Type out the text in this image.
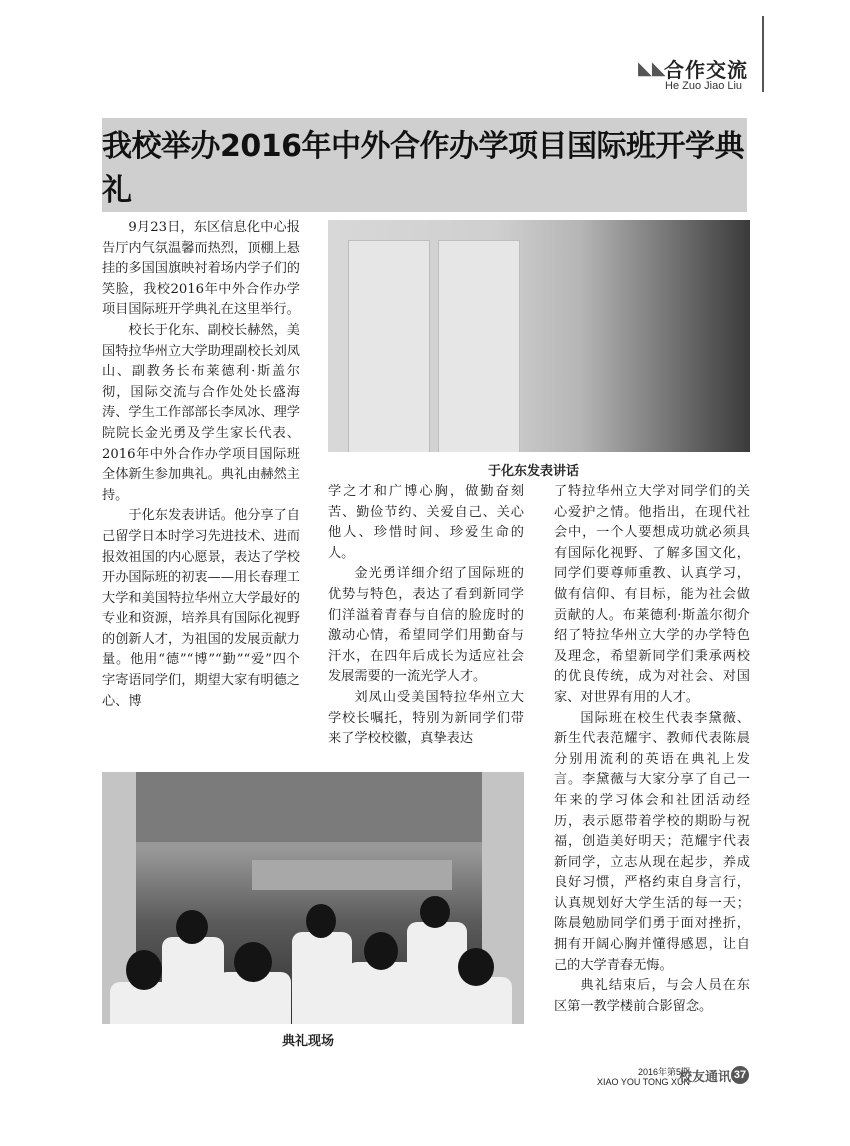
◣◣
合作交流
He Zuo Jiao Liu
我校举办2016年中外合作办学项目国际班开学典礼

9月23日，东区信息化中心报告厅内气氛温馨而热烈，顶棚上悬挂的多国国旗映衬着场内学子们的笑脸，我校2016年中外合作办学项目国际班开学典礼在这里举行。

校长于化东、副校长赫然，美国特拉华州立大学助理副校长刘凤山、副教务长布莱德利·斯盖尔彻，国际交流与合作处处长盛海涛、学生工作部部长李凤冰、理学院院长金光勇及学生家长代表、2016年中外合作办学项目国际班全体新生参加典礼。典礼由赫然主持。

于化东发表讲话。他分享了自己留学日本时学习先进技术、进而报效祖国的内心愿景，表达了学校开办国际班的初衷——用长春理工大学和美国特拉华州立大学最好的专业和资源，培养具有国际化视野的创新人才，为祖国的发展贡献力量。他用“德”“博”“勤”“爱”四个字寄语同学们，期望大家有明德之心、博

于化东发表讲话

学之才和广博心胸，做勤奋刻苦、勤俭节约、关爱自己、关心他人、珍惜时间、珍爱生命的人。

金光勇详细介绍了国际班的优势与特色，表达了看到新同学们洋溢着青春与自信的脸庞时的激动心情，希望同学们用勤奋与汗水，在四年后成长为适应社会发展需要的一流光学人才。

刘凤山受美国特拉华州立大学校长嘱托，特别为新同学们带来了学校校徽，真挚表达

了特拉华州立大学对同学们的关心爱护之情。他指出，在现代社会中，一个人要想成功就必须具有国际化视野、了解多国文化，同学们要尊师重教、认真学习，做有信仰、有目标，能为社会做贡献的人。布莱德利·斯盖尔彻介绍了特拉华州立大学的办学特色及理念，希望新同学们秉承两校的优良传统，成为对社会、对国家、对世界有用的人才。

国际班在校生代表李黛薇、新生代表范耀宇、教师代表陈晨分别用流利的英语在典礼上发言。李黛薇与大家分享了自己一年来的学习体会和社团活动经历，表示愿带着学校的期盼与祝福，创造美好明天；范耀宇代表新同学，立志从现在起步，养成良好习惯，严格约束自身言行，认真规划好大学生活的每一天；陈晨勉励同学们勇于面对挫折，拥有开阔心胸并懂得感恩，让自己的大学青春无悔。

典礼结束后，与会人员在东区第一教学楼前合影留念。

典礼现场
2016年第5期
XIAO YOU TONG XUN
校友通讯 37
